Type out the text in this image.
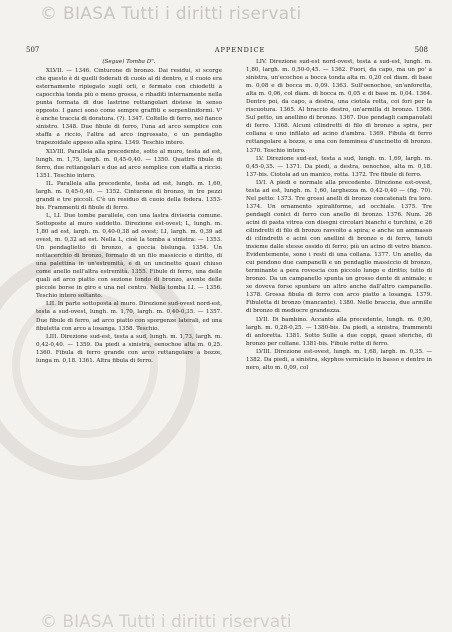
© BIASA Tutti i diritti riservati
507	APPENDICE	508

(Segue) Tomba D".

XLVII. — 1346. Cinturone di bronzo. Dai residui, si scorge che questo è di quelli foderati di cuoio al di dentro, e il cuoio era esternamente ripiegato sugli orli, e fermato con chiodetti a capocchia tonda più o meno grossa, e ribaditi internamente nella punta formata di due lastrine rettangolari distese in senso opposto. I ganci sono come sempre graffiti e serpentiniformi. V' è anche traccia di doratura. (?). 1347. Coltello di ferro, nel fianco sinistro. 1348. Due fibule di ferro, l'una ad arco semplice con staffa a riccio, l'altra ad arco ingrossato, e un pendaglio trapezoidale appeso alla spira. 1349. Teschio intero.

XLVIII. Parallela alla precedente, sotto al muro, testa ad est, lungh. m. 1,75, largh. m. 0,45-0,40. — 1350. Quattro fibule di ferro, due rettangolari e due ad arco semplice con staffa a riccio. 1351. Teschio intero.

IL. Parallela alla precedente, testa ad est, lungh. m. 1,60, largh. m. 0,45-0,40. — 1352. Cinturone di bronzo, in tre pezzi grandi e tre piccoli. C'è un residuo di cuoio della fodera. 1353-bis. Frammenti di fibule di ferro.

L, LI. Due tombe parallele, con una lastra divisoria comune. Sottoposte al muro suddetto. Direzione est-ovest; L, lungh. m. 1,80 ad est, largh. m. 0,40-0,38 ad ovest; LI, largh. m. 0,39 ad ovest, m. 0,32 ad est. Nella L, cioè la tomba a sinistra: — 1353. Un pendaglietto di bronzo, a goccia bislunga. 1354. Un nottacerchio di bronzo, formato di un filo massiccio e diritto, di una palettina in un'estremità, e di un uncinetto quasi chiuso come anello nell'altra estremità. 1355. Fibule di ferro, una delle quali ad arco piatto con sezione tondo di bronzo, avente delle piccole borse in giro e una nel centro. Nella tomba LI. — 1356. Teschio intero soltanto.

LII. In parte sottoposta al muro. Direzione sud-ovest nord-est, testa a sud-ovest, lungh. m. 1,70, largh. m. 0,40-0,35. — 1357. Due fibule di ferro, ad arco piatto con sporgenze laterali, ed una fibuletta con arco a losanga. 1358. Teschio.

LIII. Direzione sud-est, testa a sud, lungh. m. 1,73, largh. m. 0,42-0,40. — 1359. Da piedi a sinistra, oenochoe alta m. 0,25. 1360. Fibula di ferro grande con arco rettangolare a bozze, lunga m. 0,18. 1361. Altra fibula di ferro.

LIV. Direzione sud-est nord-ovest, testa a sud-est, lungh. m. 1,80, largh. m. 0,50-0,45. — 1362. Fuori, da capo, ma un po' a sinistra, un'ecochoe a bocca tonda alta m. 0,20 col diam. di base m. 0,08 e di bocca m. 0,09. 1363. Sull'oenochoe, un'anforetta, alta m. 0,06, col diam. di bocca m. 0,05 e di base m. 0,04. 1364. Dentro poi, da capo, a destra, una ciotola retta, coi fori per la riscuotura. 1365. Al braccio destro, un'armilla di bronzo. 1366. Sul petto, un anellino di bronzo. 1367. Due pendagli campanulati di ferro. 1368. Alcuni cilindretti di filo di bronzo a spira, per collana e uno infilato ad acino d'ambra. 1369. Fibula di ferro rettangolare a bozze, e una con femminea d'uncinetto di bronzo. 1370. Teschio intero.

LV. Direzione sud-est, testa a sud, lungh. m. 1,69, largh. m. 0,45-0,35. — 1371. Da piedi, a destra, oenochoe, alta m. 0,18. 137-bis. Ciotola ad un manico, rotta. 1372. Tre fibule di ferro.

LVI. A piedi e normale alla precedente. Direzione est-ovest, testa ad est, lungh. m. 1,60, larghezza m. 0,42-0,40 — (fig. 70). Nel petto: 1373. Tre grossi anelli di bronzo concatenati fra loro. 1374. Un ornamento spiraliforme, ad occhiale. 1375. Tre pendagli conici di ferro con anello di bronzo. 1376. Num. 26 acini di pasta vitrea con disegni circolari bianchi e turchini, e 26 cilindretti di filo di bronzo ravvolto a spira; e anche un ammasso di cilindretti e acini con anellini di bronzo e di ferro, tenuti insieme dalle stesse ossido di ferro; più un acino di vetro bianco. Evidentemente, sono i resti di una collana. 1377. Un anello, da cui pendono due campanelli e un pendaglio massiccio di bronzo, terminante a pera rovescia con piccolo lungo e diritto; tutto di bronzo. Da un campanello spunta un grosso dente di animale; e se doveva forse spuntare un altro anche dall'altro campanello. 1378. Grossa fibula di ferro con arco piatto a losanga. 1379. Fibuletta di bronzo (mancante). 1380. Nelle braccia, due armille di bronzo di mediocre grandezza.

LVII. Di bambino. Accanto alla precedente, lungh. m. 0,90, largh. m. 0,28-0,25. — 1380-bis. Da piedi, a sinistra, frammenti di anforetta. 1381. Sotto Sulle a due coppi, quasi sferiche, di bronzo per collane. 1381-bis. Fibule rotte di ferro.

LVIII. Direzione est-ovest, lungh. m. 1,68, largh. m. 0,35. — 1382. Da piedi, a sinistra, skyphos verniciato in basso e dentro in nero, alto m. 0,09, col

© BIASA Tutti i diritti riservati
